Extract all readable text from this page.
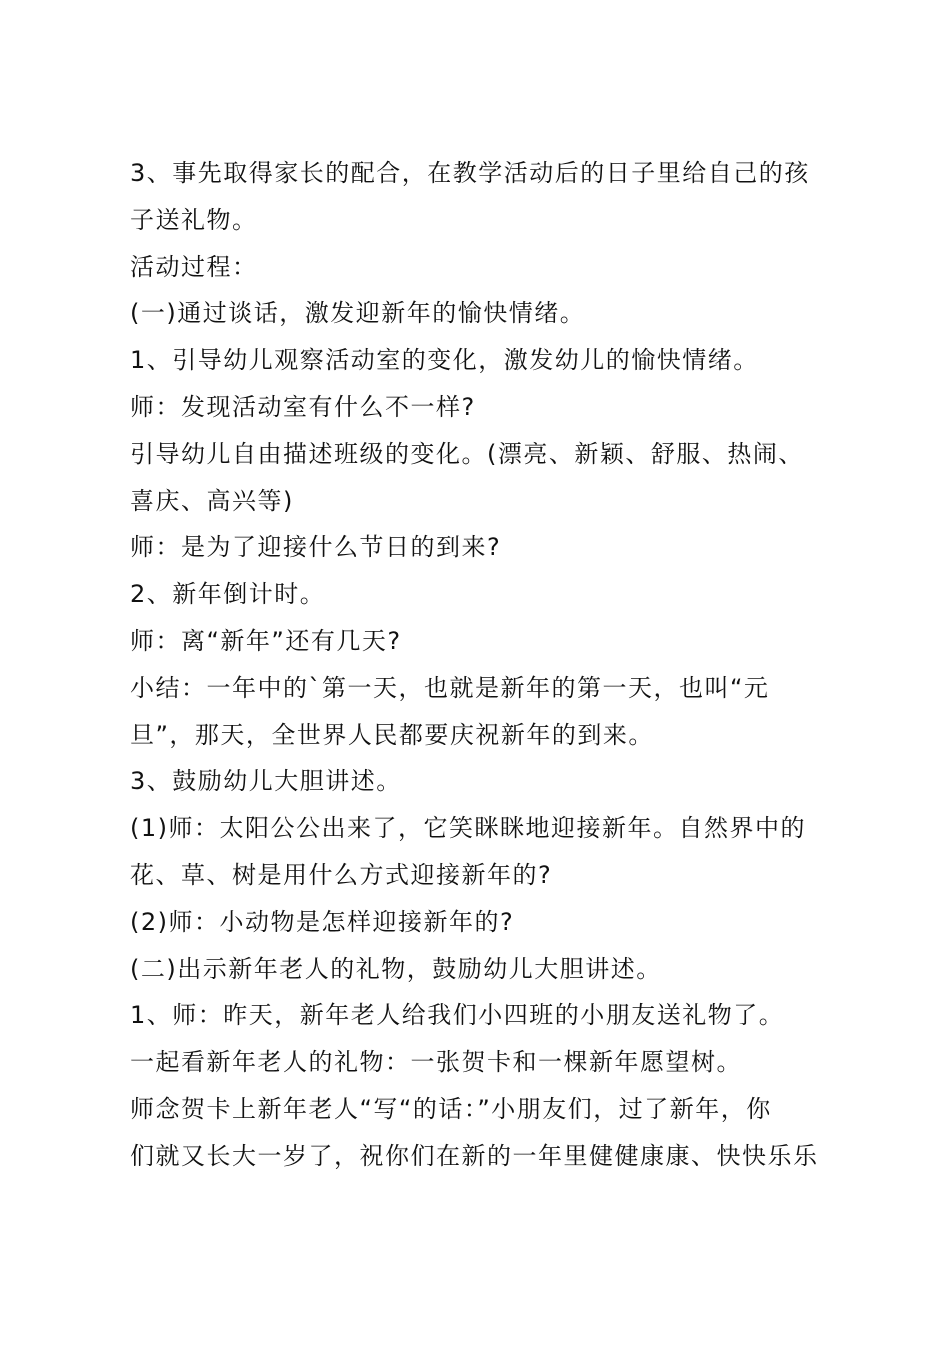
3、事先取得家长的配合，在教学活动后的日子里给自己的孩
子送礼物。
活动过程：
(一)通过谈话，激发迎新年的愉快情绪。
1、引导幼儿观察活动室的变化，激发幼儿的愉快情绪。
师：发现活动室有什么不一样?
引导幼儿自由描述班级的变化。(漂亮、新颖、舒服、热闹、
喜庆、高兴等)
师：是为了迎接什么节日的到来?
2、新年倒计时。
师：离“新年”还有几天?
小结：一年中的`第一天，也就是新年的第一天，也叫“元
旦”，那天，全世界人民都要庆祝新年的到来。
3、鼓励幼儿大胆讲述。
(1)师：太阳公公出来了，它笑眯眯地迎接新年。自然界中的
花、草、树是用什么方式迎接新年的?
(2)师：小动物是怎样迎接新年的?
(二)出示新年老人的礼物，鼓励幼儿大胆讲述。
1、师：昨天，新年老人给我们小四班的小朋友送礼物了。
一起看新年老人的礼物：一张贺卡和一棵新年愿望树。
师念贺卡上新年老人“写“的话：”小朋友们，过了新年，你
们就又长大一岁了，祝你们在新的一年里健健康康、快快乐乐
